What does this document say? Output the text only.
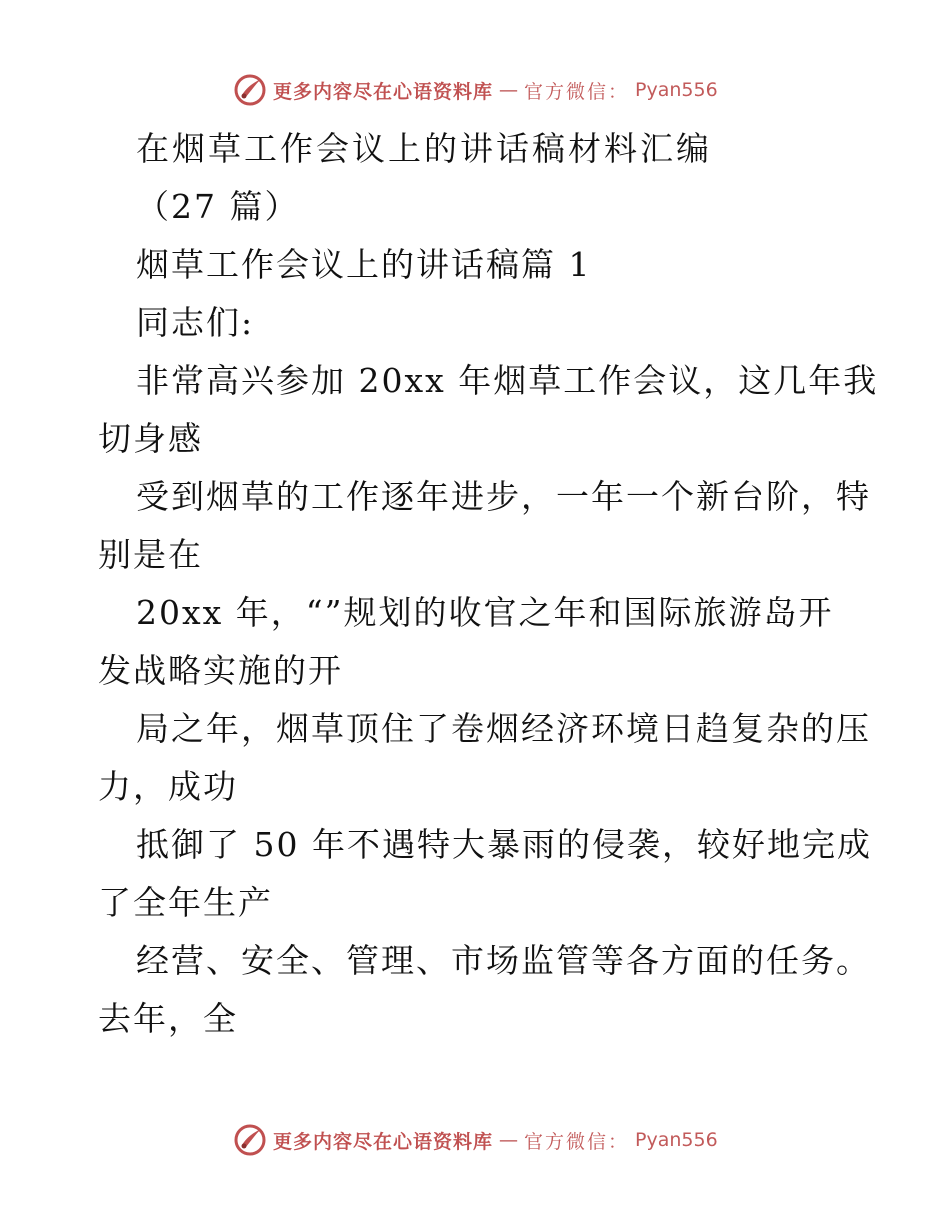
更多内容尽在心语资料库 — 官方微信： Pyan556
在烟草工作会议上的讲话稿材料汇编
（27 篇）
烟草工作会议上的讲话稿篇 1
同志们:
非常高兴参加 20xx 年烟草工作会议，这几年我
切身感
受到烟草的工作逐年进步，一年一个新台阶，特
别是在
20xx 年，“”规划的收官之年和国际旅游岛开
发战略实施的开
局之年，烟草顶住了卷烟经济环境日趋复杂的压
力，成功
抵御了 50 年不遇特大暴雨的侵袭，较好地完成
了全年生产
经营、安全、管理、市场监管等各方面的任务。
去年，全
更多内容尽在心语资料库 — 官方微信： Pyan556
